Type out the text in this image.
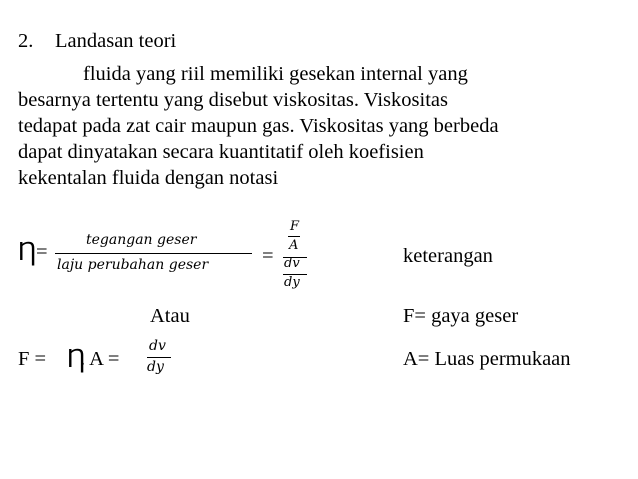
2. Landasan teori
fluida yang riil memiliki gesekan internal yang
besarnya tertentu yang disebut viskositas. Viskositas
tedapat pada zat cair maupun gas. Viskositas yang berbeda
dapat dinyatakan secara kuantitatif oleh koefisien
kekentalan fluida dengan notasi
Ƞ =
tegangan geser
laju perubahan geser	=
F
A
dv
dy
keterangan
F= gaya geser
A= Luas permukaan
Atau
F = Ƞ
. A =
dv
dy
